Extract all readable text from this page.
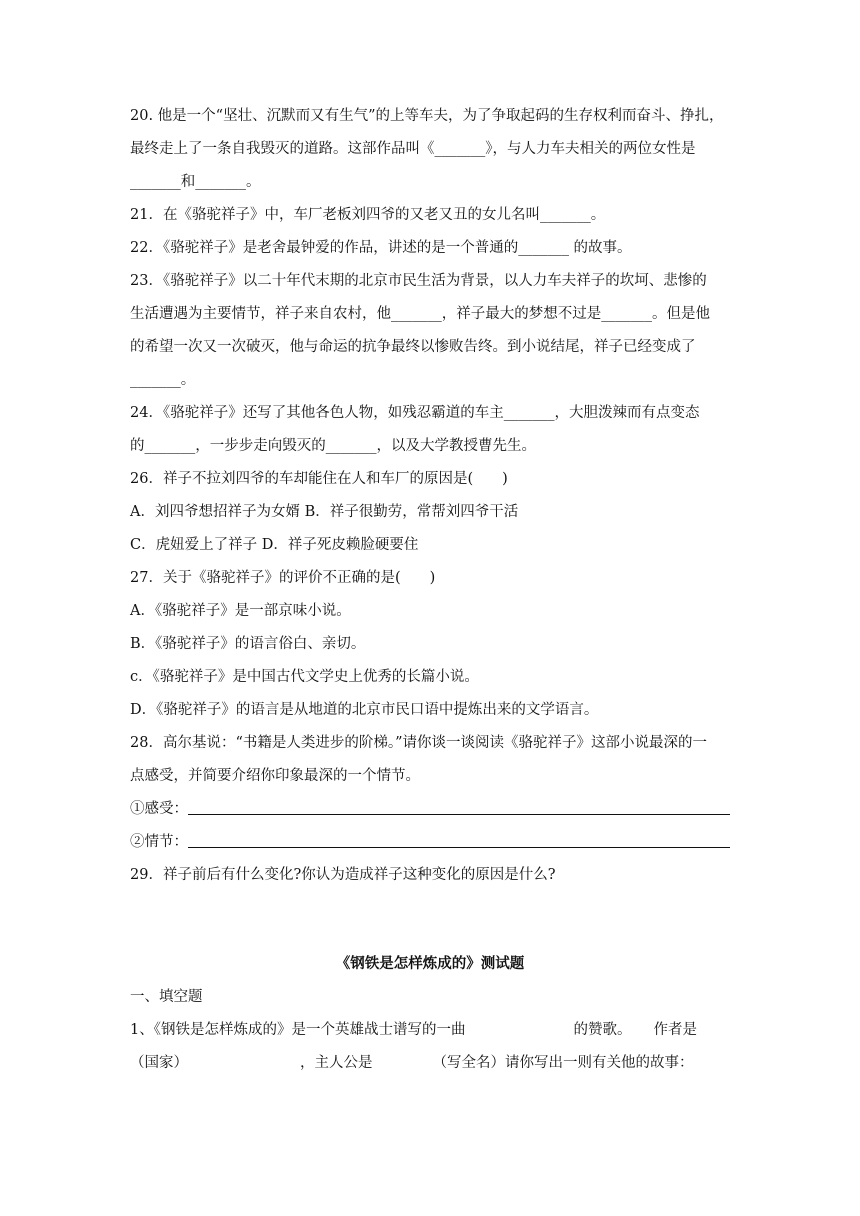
20. 他是一个“坚壮、沉默而又有生气”的上等车夫，为了争取起码的生存权利而奋斗、挣扎，
最终走上了一条自我毁灭的道路。这部作品叫《_______》，与人力车夫相关的两位女性是
_______和_______。
21．在《骆驼祥子》中，车厂老板刘四爷的又老又丑的女儿名叫_______。
22．《骆驼祥子》是老舍最钟爱的作品，讲述的是一个普通的_______ 的故事。
23．《骆驼祥子》以二十年代末期的北京市民生活为背景，以人力车夫祥子的坎坷、悲惨的
生活遭遇为主要情节，祥子来自农村，他_______，祥子最大的梦想不过是_______。但是他
的希望一次又一次破灭，他与命运的抗争最终以惨败告终。到小说结尾，祥子已经变成了
_______。
24．《骆驼祥子》还写了其他各色人物，如残忍霸道的车主_______，大胆泼辣而有点变态
的_______，一步步走向毁灭的_______，以及大学教授曹先生。
26．祥子不拉刘四爷的车却能住在人和车厂的原因是(　　)
A．刘四爷想招祥子为女婿 B．祥子很勤劳，常帮刘四爷干活
C．虎妞爱上了祥子 D．祥子死皮赖脸硬要住
27．关于《骆驼祥子》的评价不正确的是(　　)
A．《骆驼祥子》是一部京味小说。
B．《骆驼祥子》的语言俗白、亲切。
c．《骆驼祥子》是中国古代文学史上优秀的长篇小说。
D．《骆驼祥子》的语言是从地道的北京市民口语中提炼出来的文学语言。
28．高尔基说：“书籍是人类进步的阶梯。”请你谈一谈阅读《骆驼祥子》这部小说最深的一
点感受，并简要介绍你印象最深的一个情节。
①感受：
②情节：
29．祥子前后有什么变化?你认为造成祥子这种变化的原因是什么?
《钢铁是怎样炼成的》测试题
一、填空题
1、《钢铁是怎样炼成的》是一个英雄战士谱写的一曲	的赞歌。 作者是
（国家）	，主人公是	（写全名）请你写出一则有关他的故事：
